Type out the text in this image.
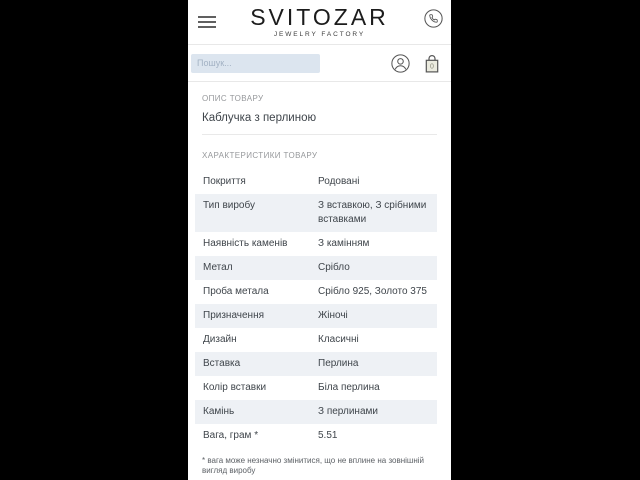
SVITOZAR
JEWELRY FACTORY
Пошук...
0
ОПИС ТОВАРУ
Каблучка з перлиною
ХАРАКТЕРИСТИКИ ТОВАРУ
Покриття	Родовані
Тип виробу	З вставкою, З срібними вставками
Наявність каменів	З камінням
Метал	Срібло
Проба метала	Срібло 925, Золото 375
Призначення	Жіночі
Дизайн	Класичні
Вставка	Перлина
Колір вставки	Біла перлина
Камінь	З перлинами
Вага, грам *	5.51
* вага може незначно змінитися, що не вплине на зовнішній вигляд виробу
